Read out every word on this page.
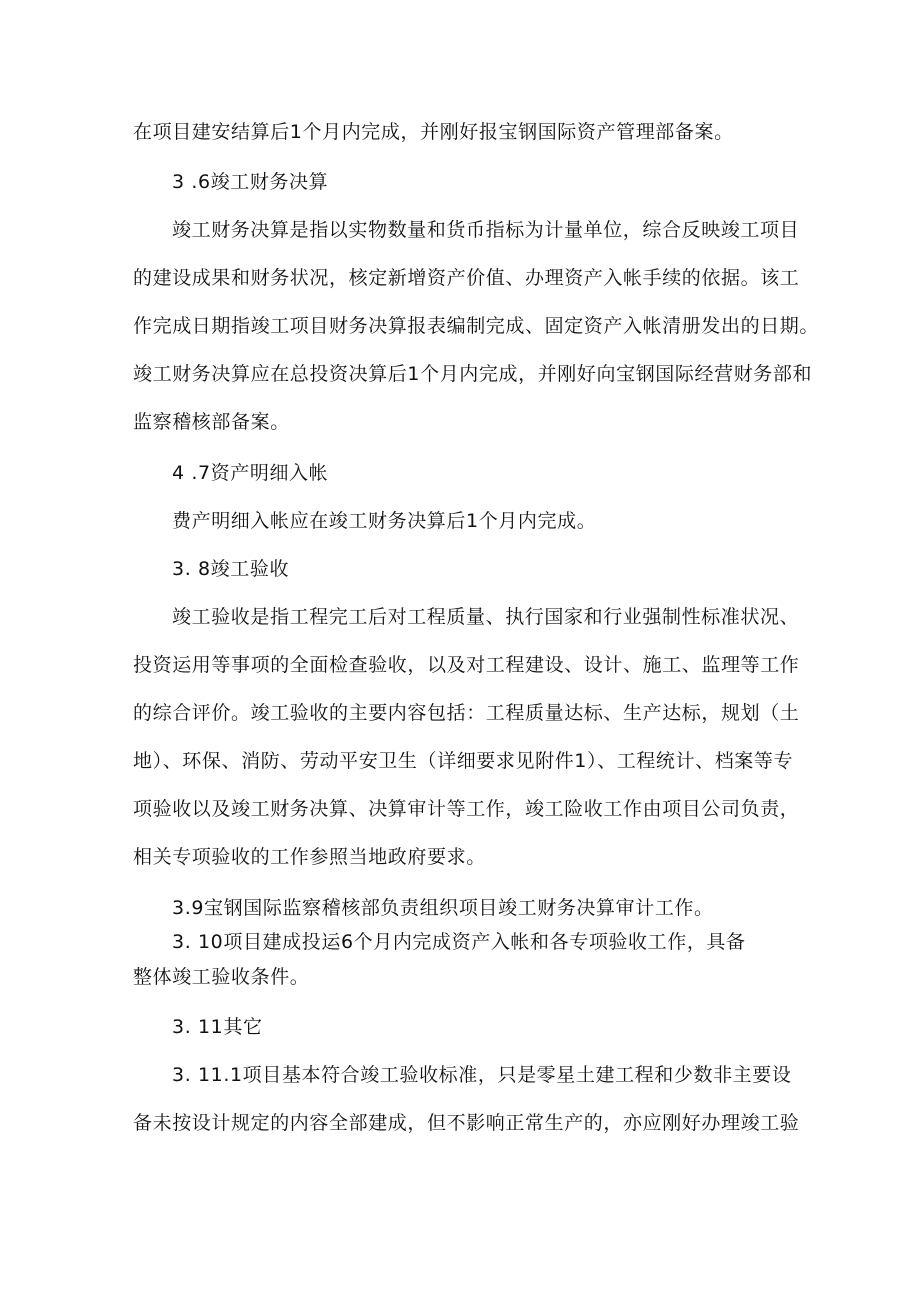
在项目建安结算后1个月内完成，并刚好报宝钢国际资产管理部备案。
3 .6竣工财务决算
竣工财务决算是指以实物数量和货币指标为计量单位，综合反映竣工项目
的建设成果和财务状况，核定新增资产价值、办理资产入帐手续的依据。该工
作完成日期指竣工项目财务决算报表编制完成、固定资产入帐清册发出的日期。
竣工财务决算应在总投资决算后1个月内完成，并刚好向宝钢国际经营财务部和
监察稽核部备案。
4 .7资产明细入帐
费产明细入帐应在竣工财务决算后1个月内完成。
3. 8竣工验收
竣工验收是指工程完工后对工程质量、执行国家和行业强制性标准状况、
投资运用等事项的全面检查验收，以及对工程建设、设计、施工、监理等工作
的综合评价。竣工验收的主要内容包括：工程质量达标、生产达标，规划（土
地）、环保、消防、劳动平安卫生（详细要求见附件1）、工程统计、档案等专
项验收以及竣工财务决算、决算审计等工作，竣工险收工作由项目公司负责，
相关专项验收的工作参照当地政府要求。
3.9宝钢国际监察稽核部负责组织项目竣工财务决算审计工作。
3. 10项目建成投运6个月内完成资产入帐和各专项验收工作，具备
整体竣工验收条件。
3. 11其它
3. 11.1项目基本符合竣工验收标准，只是零星土建工程和少数非主要设
备未按设计规定的内容全部建成，但不影响正常生产的，亦应刚好办理竣工验
